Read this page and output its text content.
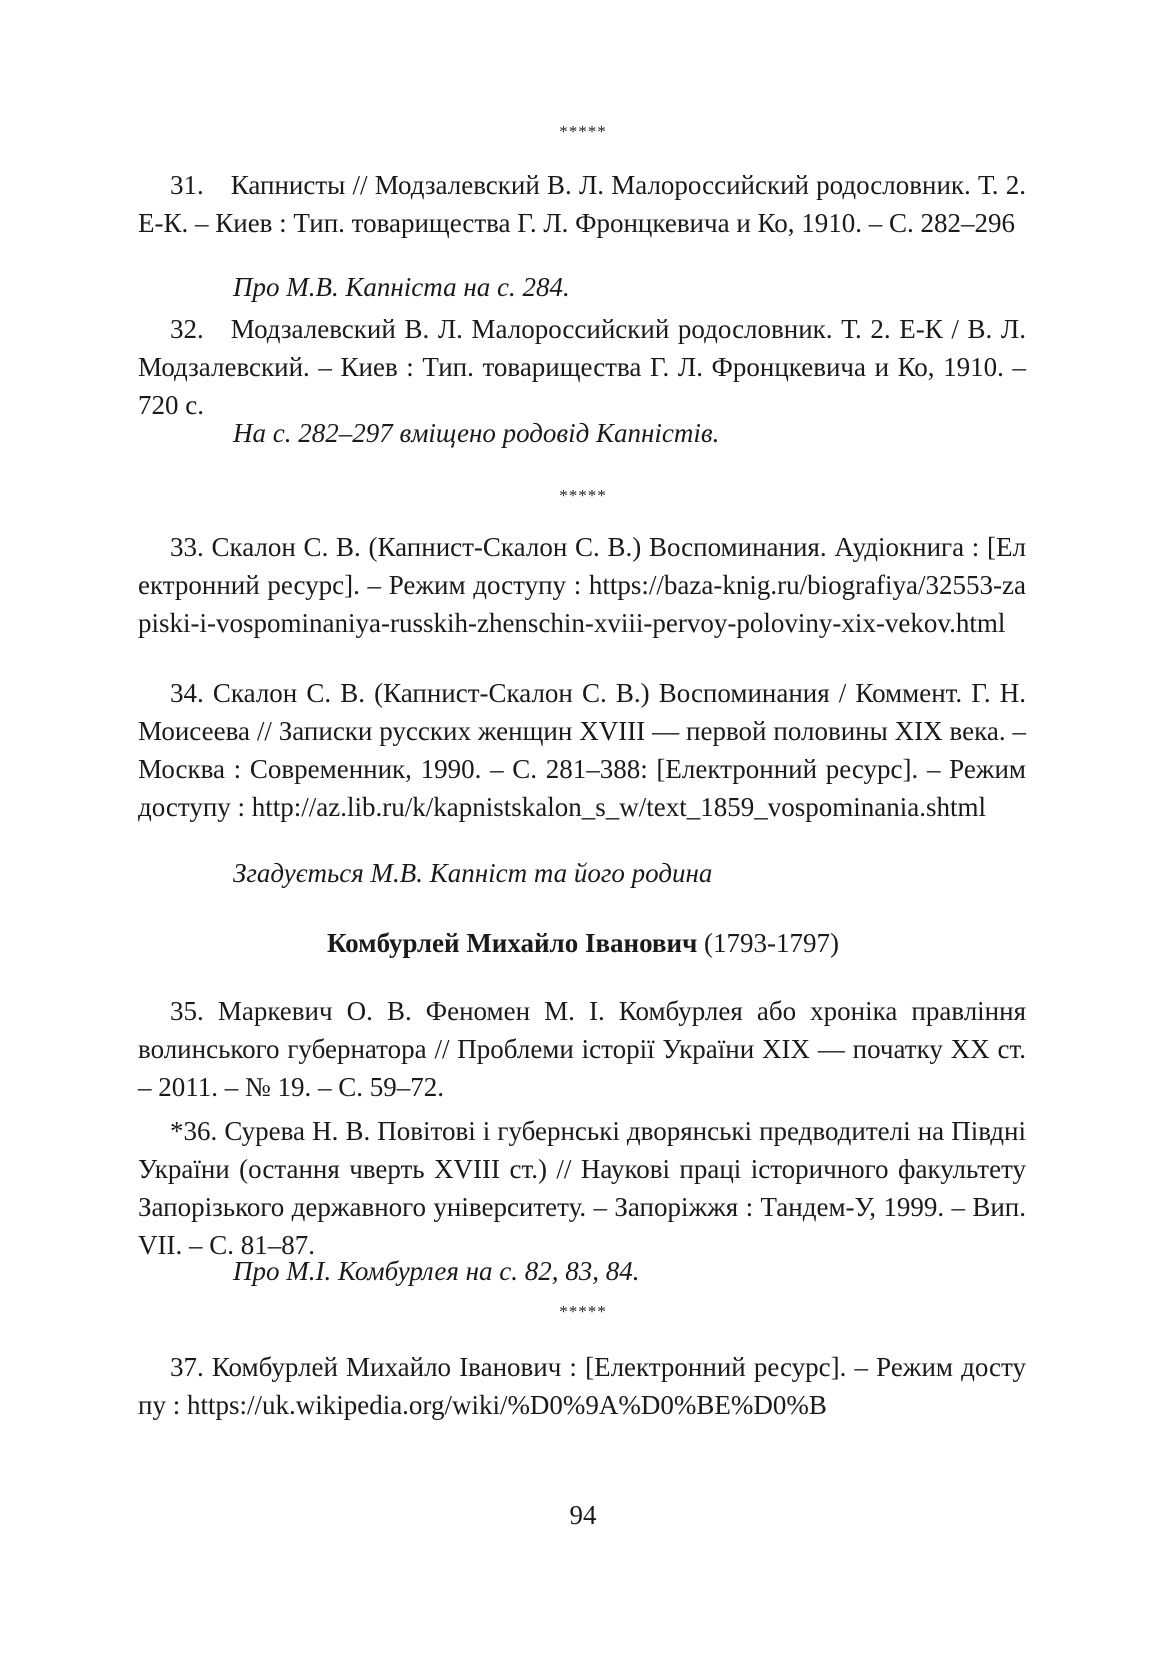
*****
31. Капнисты // Модзалевский В. Л. Малороссийский родословник. Т. 2. Е-К. – Киев : Тип. товарищества Г. Л. Фронцкевича и Ко, 1910. – С. 282–296
Про М.В. Капніста на с. 284.
32. Модзалевский В. Л. Малороссийский родословник. Т. 2. Е-К / В. Л. Модзалевский. – Киев : Тип. товарищества Г. Л. Фронцкевича и Ко, 1910. – 720 с.
На с. 282–297 вміщено родовід Капністів.
*****
33. Скалон С. В. (Капнист-Скалон С. В.) Воспоминания. Аудіокнига : [Електронний ресурс]. – Режим доступу : https://baza-knig.ru/biografiya/32553-zapiski-i-vospominaniya-russkih-zhenschin-xviii-pervoy-poloviny-xix-vekov.html
34. Скалон С. В. (Капнист-Скалон С. В.) Воспоминания / Коммент. Г. Н. Моисеева // Записки русских женщин XVIII — первой половины XIX века. – Москва : Современник, 1990. – С. 281–388: [Електронний ресурс]. – Режим доступу : http://az.lib.ru/k/kapnistskalon_s_w/text_1859_vospominania.shtml
Згадується М.В. Капніст та його родина
Комбурлей Михайло Іванович (1793-1797)
35. Маркевич О. В. Феномен М. І. Комбурлея або хроніка правління волинського губернатора // Проблеми історії України XIX — початку XX ст. – 2011. – № 19. – С. 59–72.
*36. Сурева Н. В. Повітові і губернські дворянські предводителі на Півдні України (остання чверть XVIII ст.) // Наукові праці історичного факультету Запорізького державного університету. – Запоріжжя : Тандем-У, 1999. – Вип. VII. – С. 81–87.
Про М.І. Комбурлея на с. 82, 83, 84.
*****
37. Комбурлей Михайло Іванович : [Електронний ресурс]. – Режим доступу : https://uk.wikipedia.org/wiki/%D0%9A%D0%BE%D0%B
94
